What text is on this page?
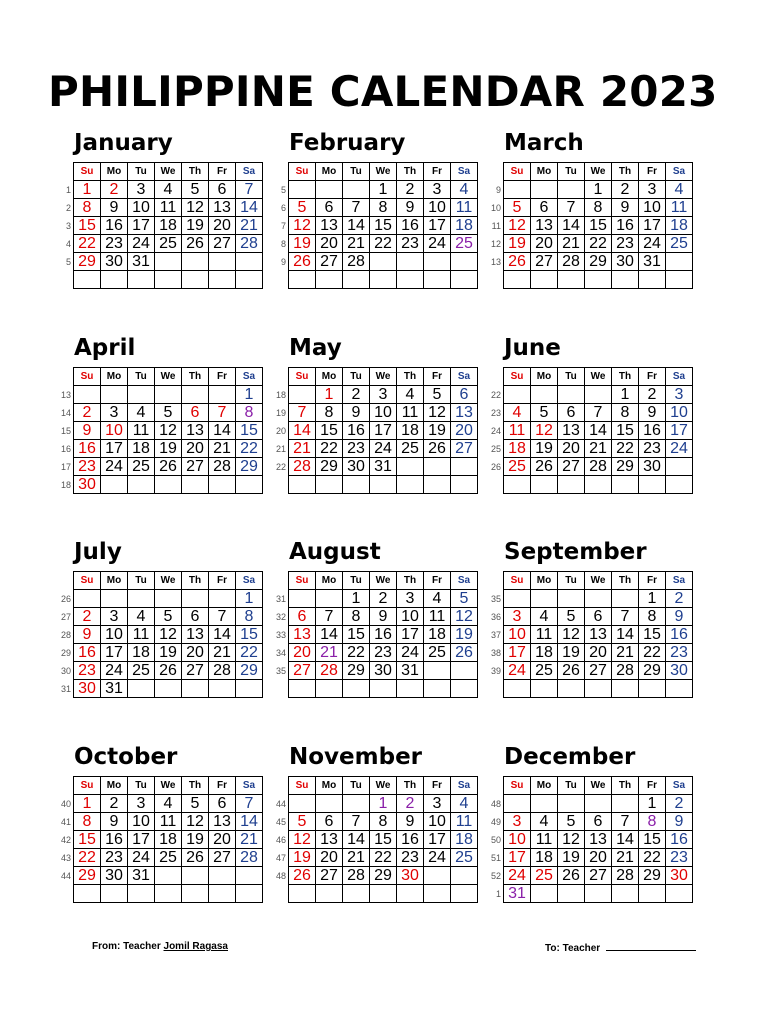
PHILIPPINE CALENDAR 2023
January
1
2
3
4
5
Su	Mo	Tu	We	Th	Fr	Sa
1	2	3	4	5	6	7
8	9	10	11	12	13	14
15	16	17	18	19	20	21
22	23	24	25	26	27	28
29	30	31				

February
5
6
7
8
9
Su	Mo	Tu	We	Th	Fr	Sa
			1	2	3	4
5	6	7	8	9	10	11
12	13	14	15	16	17	18
19	20	21	22	23	24	25
26	27	28				

March
9
10
11
12
13
Su	Mo	Tu	We	Th	Fr	Sa
			1	2	3	4
5	6	7	8	9	10	11
12	13	14	15	16	17	18
19	20	21	22	23	24	25
26	27	28	29	30	31	

April
13
14
15
16
17
18
Su	Mo	Tu	We	Th	Fr	Sa
						1
2	3	4	5	6	7	8
9	10	11	12	13	14	15
16	17	18	19	20	21	22
23	24	25	26	27	28	29
30						
May
18
19
20
21
22
Su	Mo	Tu	We	Th	Fr	Sa
	1	2	3	4	5	6
7	8	9	10	11	12	13
14	15	16	17	18	19	20
21	22	23	24	25	26	27
28	29	30	31			

June
22
23
24
25
26
Su	Mo	Tu	We	Th	Fr	Sa
				1	2	3
4	5	6	7	8	9	10
11	12	13	14	15	16	17
18	19	20	21	22	23	24
25	26	27	28	29	30	

July
26
27
28
29
30
31
Su	Mo	Tu	We	Th	Fr	Sa
						1
2	3	4	5	6	7	8
9	10	11	12	13	14	15
16	17	18	19	20	21	22
23	24	25	26	27	28	29
30	31					
August
31
32
33
34
35
Su	Mo	Tu	We	Th	Fr	Sa
		1	2	3	4	5
6	7	8	9	10	11	12
13	14	15	16	17	18	19
20	21	22	23	24	25	26
27	28	29	30	31		

September
35
36
37
38
39
Su	Mo	Tu	We	Th	Fr	Sa
					1	2
3	4	5	6	7	8	9
10	11	12	13	14	15	16
17	18	19	20	21	22	23
24	25	26	27	28	29	30

October
40
41
42
43
44
Su	Mo	Tu	We	Th	Fr	Sa
1	2	3	4	5	6	7
8	9	10	11	12	13	14
15	16	17	18	19	20	21
22	23	24	25	26	27	28
29	30	31				

November
44
45
46
47
48
Su	Mo	Tu	We	Th	Fr	Sa
			1	2	3	4
5	6	7	8	9	10	11
12	13	14	15	16	17	18
19	20	21	22	23	24	25
26	27	28	29	30		

December
48
49
50
51
52
1
Su	Mo	Tu	We	Th	Fr	Sa
					1	2
3	4	5	6	7	8	9
10	11	12	13	14	15	16
17	18	19	20	21	22	23
24	25	26	27	28	29	30
31						
From: Teacher Jomil Ragasa	To: Teacher
